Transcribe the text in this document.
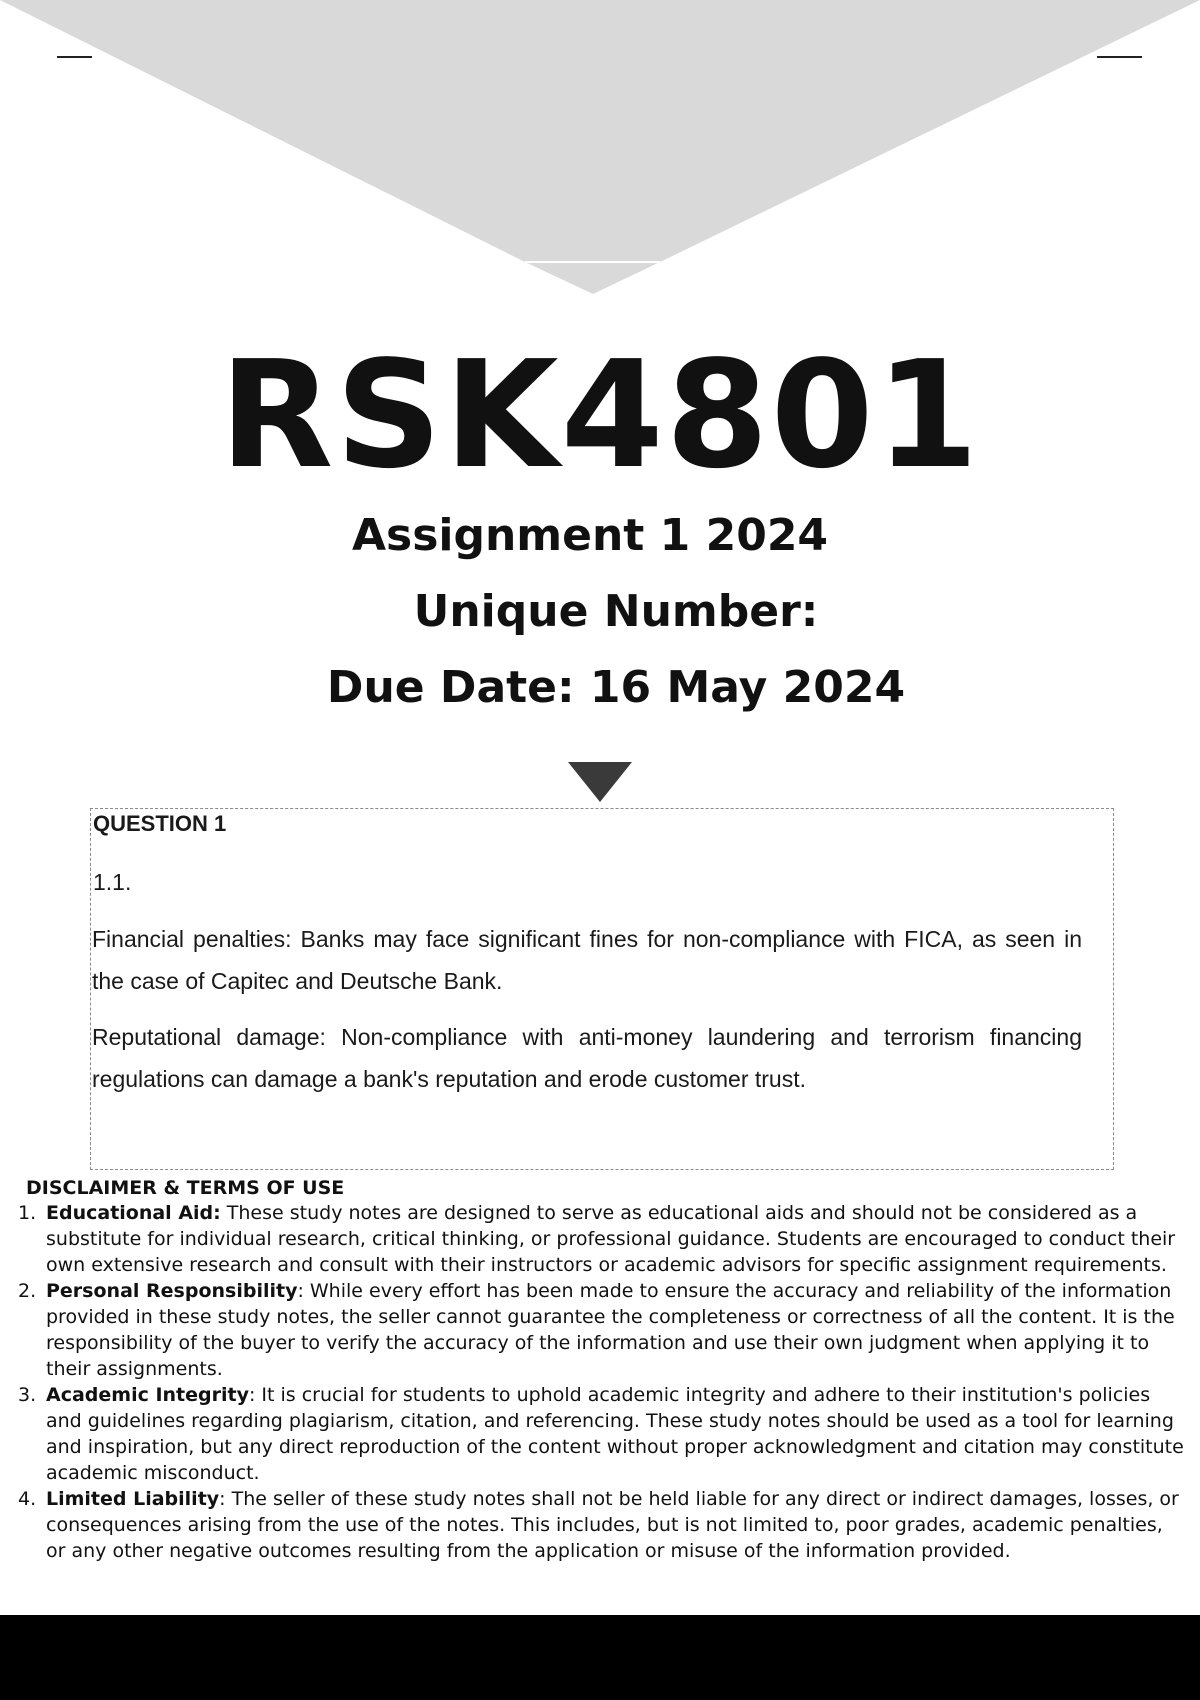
RSK4801
Assignment 1 2024
Unique Number:
Due Date: 16 May 2024
QUESTION 1
1.1.
Financial penalties: Banks may face significant fines for non-compliance with FICA, as seen in the case of Capitec and Deutsche Bank.
Reputational damage: Non-compliance with anti-money laundering and terrorism financing regulations can damage a bank's reputation and erode customer trust.

DISCLAIMER & TERMS OF USE

1. Educational Aid: These study notes are designed to serve as educational aids and should not be considered as a substitute for individual research, critical thinking, or professional guidance. Students are encouraged to conduct their own extensive research and consult with their instructors or academic advisors for specific assignment requirements.
2. Personal Responsibility: While every effort has been made to ensure the accuracy and reliability of the information provided in these study notes, the seller cannot guarantee the completeness or correctness of all the content. It is the responsibility of the buyer to verify the accuracy of the information and use their own judgment when applying it to their assignments.
3. Academic Integrity: It is crucial for students to uphold academic integrity and adhere to their institution's policies and guidelines regarding plagiarism, citation, and referencing. These study notes should be used as a tool for learning and inspiration, but any direct reproduction of the content without proper acknowledgment and citation may constitute academic misconduct.
4. Limited Liability: The seller of these study notes shall not be held liable for any direct or indirect damages, losses, or consequences arising from the use of the notes. This includes, but is not limited to, poor grades, academic penalties, or any other negative outcomes resulting from the application or misuse of the information provided.
